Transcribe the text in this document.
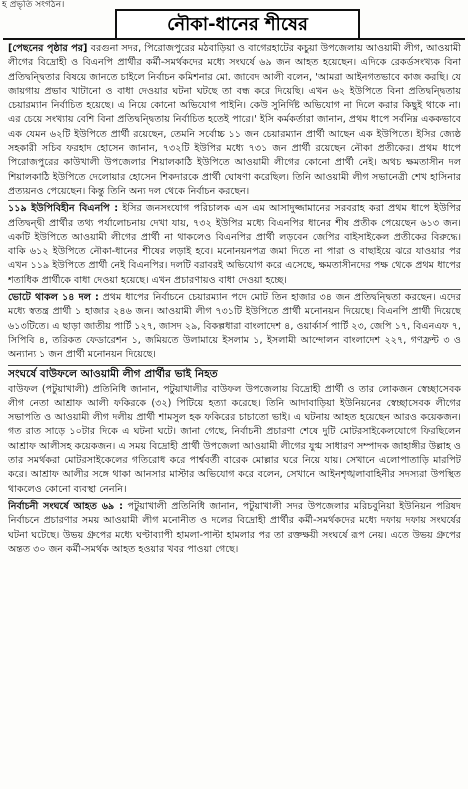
হ প্রভৃতি সংগঠন।
নৌকা-ধানের শীষের

[পেছনের পৃষ্ঠার পর] বরগুনা সদর, পিরোজপুরের মঠবাড়িয়া ও বাগেরহাটের কচুয়া উপজেলায় আওয়ামী লীগ, আওয়ামী লীগের বিদ্রোহী ও বিএনপি প্রার্থীর কর্মী-সমর্থকদের মধ্যে সংঘর্ষে ৬৯ জন আহত হয়েছেন। এদিকে রেকর্ডসংখ্যক বিনা প্রতিদ্বন্দ্বিতার বিষয়ে জানতে চাইলে নির্বাচন কমিশনার মো. জাবেদ আলী বলেন, 'আমরা আইনগতভাবে কাজ করছি। যে জায়গায় প্রভাব খাটানো ও বাধা দেওয়ার ঘটনা ঘটছে তা বন্ধ করে দিয়েছি। এখন ৬২ ইউপিতে বিনা প্রতিদ্বন্দ্বিতায় চেয়ারম্যান নির্বাচিত হয়েছে। এ নিয়ে কোনো অভিযোগ পাইনি। কেউ সুনির্দিষ্ট অভিযোগ না দিলে করার কিছুই থাকে না। এর চেয়ে সংখ্যায় বেশি বিনা প্রতিদ্বন্দ্বিতায় নির্বাচিত হতেই পারে।' ইসি কর্মকর্তারা জানান, প্রথম ধাপে সর্বনিম্ন এককভাবে এক যেমন ৬২টি ইউপিতে প্রার্থী রয়েছেন, তেমনি সর্বোচ্চ ১১ জন চেয়ারম্যান প্রার্থী আছেন এক ইউপিতে। ইসির জ্যেষ্ঠ সহকারী সচিব ফরহাদ হোসেন জানান, ৭৩২টি ইউপির মধ্যে ৭৩১ জন প্রার্থী রয়েছেন নৌকা প্রতীকের। প্রথম ধাপে পিরোজপুরের কাউখালী উপজেলার শিয়ালকাঠি ইউপিতে আওয়ামী লীগের কোনো প্রার্থী নেই। অথচ ক্ষমতাসীন দল শিয়ালকাঠি ইউপিতে দেলোয়ার হোসেন শিকদারকে প্রার্থী ঘোষণা করেছিল। তিনি আওয়ামী লীগ সভানেত্রী শেখ হাসিনার প্রত্যয়নও পেয়েছেন। কিন্তু তিনি অন্য দল থেকে নির্বাচন করছেন।

১১৯ ইউপিবিহীন বিএনপি : ইসির জনসংযোগ পরিচালক এস এম আসাদুজ্জামানের সরবরাহ করা প্রথম ধাপে ইউপির প্রতিদ্বন্দ্বী প্রার্থীর তথ্য পর্যালোচনায় দেখা যায়, ৭৩২ ইউপির মধ্যে বিএনপির ধানের শীষ প্রতীক পেয়েছেন ৬১৩ জন। একটি ইউপিতে আওয়ামী লীগের প্রার্থী না থাকলেও বিএনপির প্রার্থী লড়বেন জেপির বাইসাইকেল প্রতীকের বিরুদ্ধে। বাকি ৬১২ ইউপিতে নৌকা-ধানের শীষের লড়াই হবে। মনোনয়নপত্র জমা দিতে না পারা ও বাছাইয়ে ঝরে যাওয়ার পর এখন ১১৯ ইউপিতে প্রার্থী নেই বিএনপির। দলটি বরাবরই অভিযোগ করে এসেছে, ক্ষমতাসীনদের পক্ষ থেকে প্রথম ধাপের শতাধিক প্রার্থীকে বাধা দেওয়া হয়েছে। এখন প্রচারণায়ও বাধা দেওয়া হচ্ছে।

ভোটে থাকল ১৪ দল : প্রথম ধাপের নির্বাচনে চেয়ারম্যান পদে মোট তিন হাজার ৩৪ জন প্রতিদ্বন্দ্বিতা করছেন। এদের মধ্যে স্বতন্ত্র প্রার্থী ১ হাজার ২৪৬ জন। আওয়ামী লীগ ৭৩১টি ইউপিতে প্রার্থী মনোনয়ন দিয়েছে। বিএনপি প্রার্থী দিয়েছে ৬১৩টিতে। এ ছাড়া জাতীয় পার্টি ১২৭, জাসদ ২৯, বিকল্পধারা বাংলাদেশ ৪, ওয়ার্কার্স পার্টি ২৩, জেপি ১৭, বিএনএফ ৭, সিপিবি ৪, তরিকত ফেডারেশন ১, জমিয়তে উলামায়ে ইসলাম ১, ইসলামী আন্দোলন বাংলাদেশ ২২৭, গণফ্রন্ট ৩ ও অন্যান্য ১ জন প্রার্থী মনোনয়ন দিয়েছে।

সংঘর্ষে বাউফলে আওয়ামী লীগ প্রার্থীর ভাই নিহত

বাউফল (পটুয়াখালী) প্রতিনিধি জানান, পটুয়াখালীর বাউফল উপজেলায় বিদ্রোহী প্রার্থী ও তার লোকজন স্বেচ্ছাসেবক লীগ নেতা আশ্রাফ আলী ফকিরকে (৩২) পিটিয়ে হত্যা করেছে। তিনি আদাবাড়িয়া ইউনিয়নের স্বেচ্ছাসেবক লীগের সভাপতি ও আওয়ামী লীগ দলীয় প্রার্থী শামসুল হক ফকিরের চাচাতো ভাই। এ ঘটনায় আহত হয়েছেন আরও কয়েকজন। গত রাত সাড়ে ১০টার দিকে এ ঘটনা ঘটে। জানা গেছে, নির্বাচনী প্রচারণা শেষে দুটি মোটরসাইকেলযোগে ফিরছিলেন আশ্রাফ আলীসহ কয়েকজন। এ সময় বিদ্রোহী প্রার্থী উপজেলা আওয়ামী লীগের যুগ্ম সাধারণ সম্পাদক জাহাঙ্গীর উল্লাহ ও তার সমর্থকরা মোটরসাইকেলের গতিরোধ করে পার্শ্ববর্তী বারেক মোল্লার ঘরে নিয়ে যায়। সেখানে এলোপাতাড়ি মারপিট করে। আশ্রাফ আলীর সঙ্গে থাকা আনসার মাস্টার অভিযোগ করে বলেন, সেখানে আইনশৃঙ্খলাবাহিনীর সদস্যরা উপস্থিত থাকলেও কোনো ব্যবস্থা নেননি।

নির্বাচনী সংঘর্ষে আহত ৬৯ : পটুয়াখালী প্রতিনিধি জানান, পটুয়াখালী সদর উপজেলার মরিচবুনিয়া ইউনিয়ন পরিষদ নির্বাচনে প্রচারণার সময় আওয়ামী লীগ মনোনীত ও দলের বিদ্রোহী প্রার্থীর কর্মী-সমর্থকদের মধ্যে দফায় দফায় সংঘর্ষের ঘটনা ঘটেছে। উভয় গ্রুপের মধ্যে ঘণ্টাব্যাপী হামলা-পাল্টা হামলার পর তা রক্তক্ষয়ী সংঘর্ষে রূপ নেয়। এতে উভয় গ্রুপের অন্তত ৩০ জন কর্মী-সমর্থক আহত হওয়ার খবর পাওয়া গেছে।
